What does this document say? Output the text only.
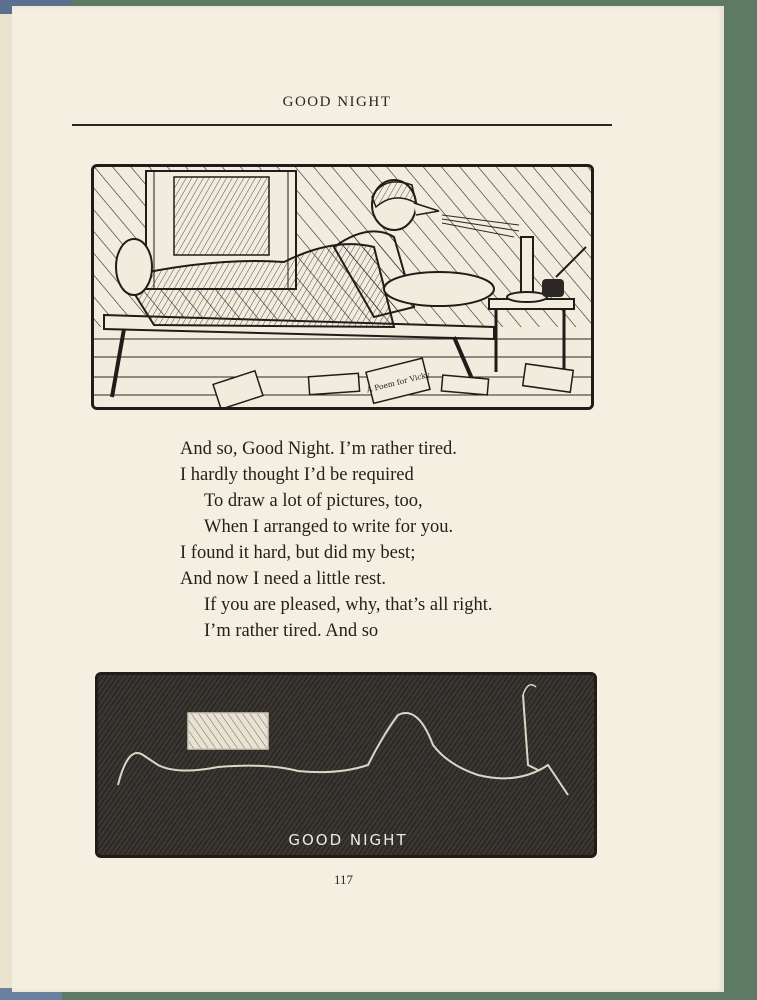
GOOD NIGHT
A Poem for Vicky
And so, Good Night. I’m rather tired.
I hardly thought I’d be required
To draw a lot of pictures, too,
When I arranged to write for you.
I found it hard, but did my best;
And now I need a little rest.
If you are pleased, why, that’s all right.
I’m rather tired. And so
GOOD NIGHT
117
